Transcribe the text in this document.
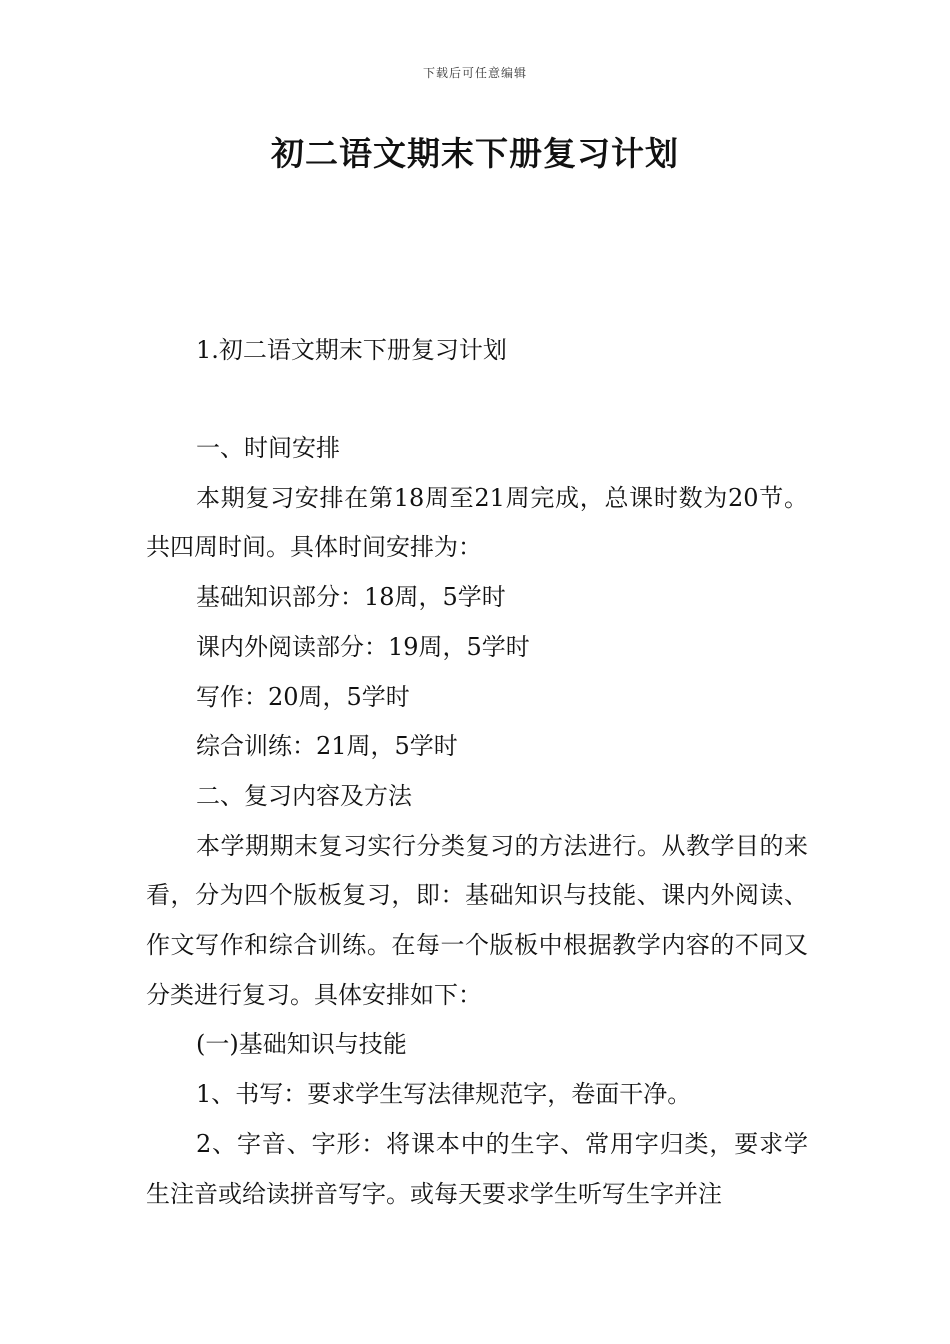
下载后可任意编辑
初二语文期末下册复习计划

1.初二语文期末下册复习计划

一、时间安排

本期复习安排在第18周至21周完成，总课时数为20节。共四周时间。具体时间安排为：

基础知识部分：18周，5学时

课内外阅读部分：19周，5学时

写作：20周，5学时

综合训练：21周，5学时

二、复习内容及方法

本学期期末复习实行分类复习的方法进行。从教学目的来看，分为四个版板复习，即：基础知识与技能、课内外阅读、作文写作和综合训练。在每一个版板中根据教学内容的不同又分类进行复习。具体安排如下：

(一)基础知识与技能

1、书写：要求学生写法律规范字，卷面干净。

2、字音、字形：将课本中的生字、常用字归类，要求学生注音或给读拼音写字。或每天要求学生听写生字并注
